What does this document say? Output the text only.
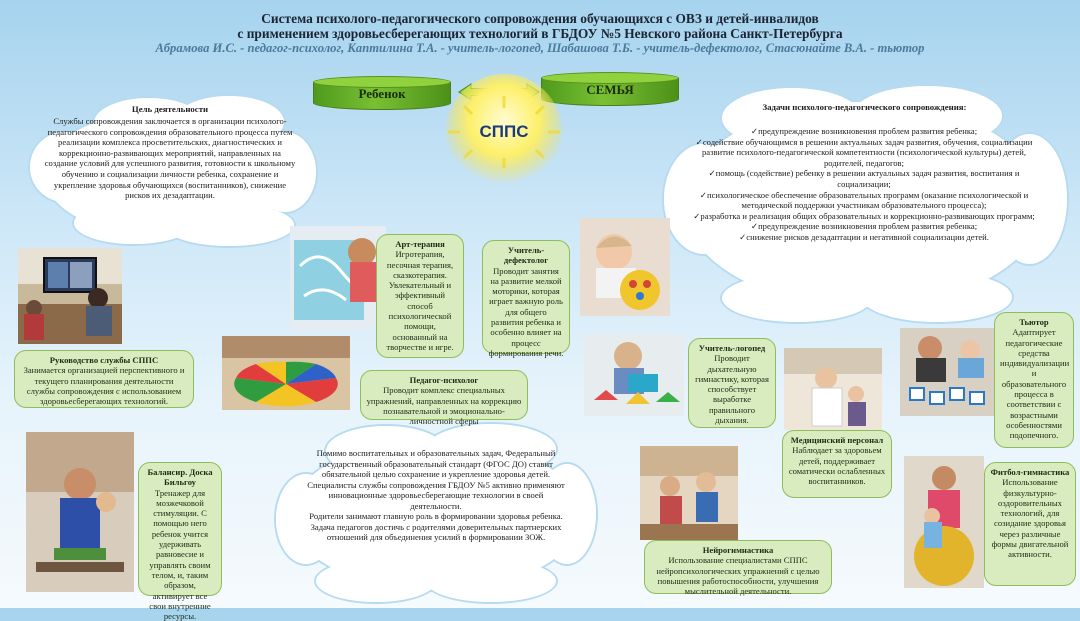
Система психолого-педагогического сопровождения обучающихся с ОВЗ и детей-инвалидов
с применением здоровьесберегающих технологий в ГБДОУ №5 Невского района Санкт-Петербурга
Абрамова И.С. - педагог-психолог, Каптилина Т.А. - учитель-логопед, Шабашова Т.Б. - учитель-дефектолог, Стасюнайте В.А. - тьютор
Ребенок	СЕМЬЯ
СППС
Цель деятельности
Службы сопровождения заключается в организации психолого-педагогического сопровождения образовательного процесса путем реализации комплекса просветительских, диагностических и коррекционно-развивающих мероприятий, направленных на создание условий для успешного развития, готовности к школьному обучению и социализации личности ребенка, сохранение и укрепление здоровья обучающихся (воспитанников), снижение рисков их дезадаптации.
Задачи психолого-педагогического сопровождения:
✓предупреждение возникновения проблем развития ребенка;
✓содействие обучающимся в решении актуальных задач развития, обучения, социализации развитие психолого-педагогической компетентности (психологической культуры) детей, родителей, педагогов;
✓помощь (содействие) ребенку в решении актуальных задач развития, воспитания и социализации;
✓психологическое обеспечение образовательных программ (оказание психологической и методической поддержки участникам образовательного процесса);
✓разработка и реализация общих образовательных и коррекционно-развивающих программ;
✓предупреждение возникновения проблем развития ребенка;
✓снижение рисков дезадаптации и негативной социализации детей.
Помимо воспитательных и образовательных задач, Федеральный государственный образовательный стандарт (ФГОС ДО) ставит обязательной целью сохранение и укрепление здоровья детей. Специалисты службы сопровождения ГБДОУ №5 активно применяют инновационные здоровьесберегающие технологии в своей деятельности.
Родители занимают главную роль в формировании здоровья ребенка. Задача педагогов достичь с родителями доверительных партнерских отношений для объединения усилий в формировании ЗОЖ.
Руководство службы СППС
Занимается организацией перспективного и текущего планирования деятельности службы сопровождения с использованием здоровьесберегающих технологий.
Арт-терапия
Игротерапия, песочная терапия, сказкотерапия. Увлекательный и эффективный способ психологической помощи, основанный на творчестве и игре.
Учитель-дефектолог
Проводит занятия на развитие мелкой моторики, которая играет важную роль для общего развития ребенка и особенно влияет на процесс формирования речи.
Педагог-психолог
Проводит комплекс специальных упражнений, направленных на коррекцию познавательной и эмоционально-личностной сферы
Учитель-логопед
Проводит дыхательную гимнастику, которая способствует выработке правильного дыхания.
Медицинский персонал
Наблюдает за здоровьем детей, поддерживает соматически ослабленных воспитанников.
Тьютор
Адаптирует педагогические средства индивидуализации и образовательного процесса в соответствии с возрастными особенностями подопечного.
Балансир. Доска Бильгоу
Тренажер для мозжечковой стимуляции. С помощью него ребенок учится удерживать равновесие и управлять своим телом, и, таким образом, активирует все свои внутренние ресурсы.
Нейрогимнастика
Использование специалистами СППС нейропсихологических упражнений с целью повышения работоспособности, улучшения мыслительной деятельности.
Фитбол-гимнастика
Использование физкультурно-оздоровительных технологий, для созидание здоровья через различные формы двигательной активности.
